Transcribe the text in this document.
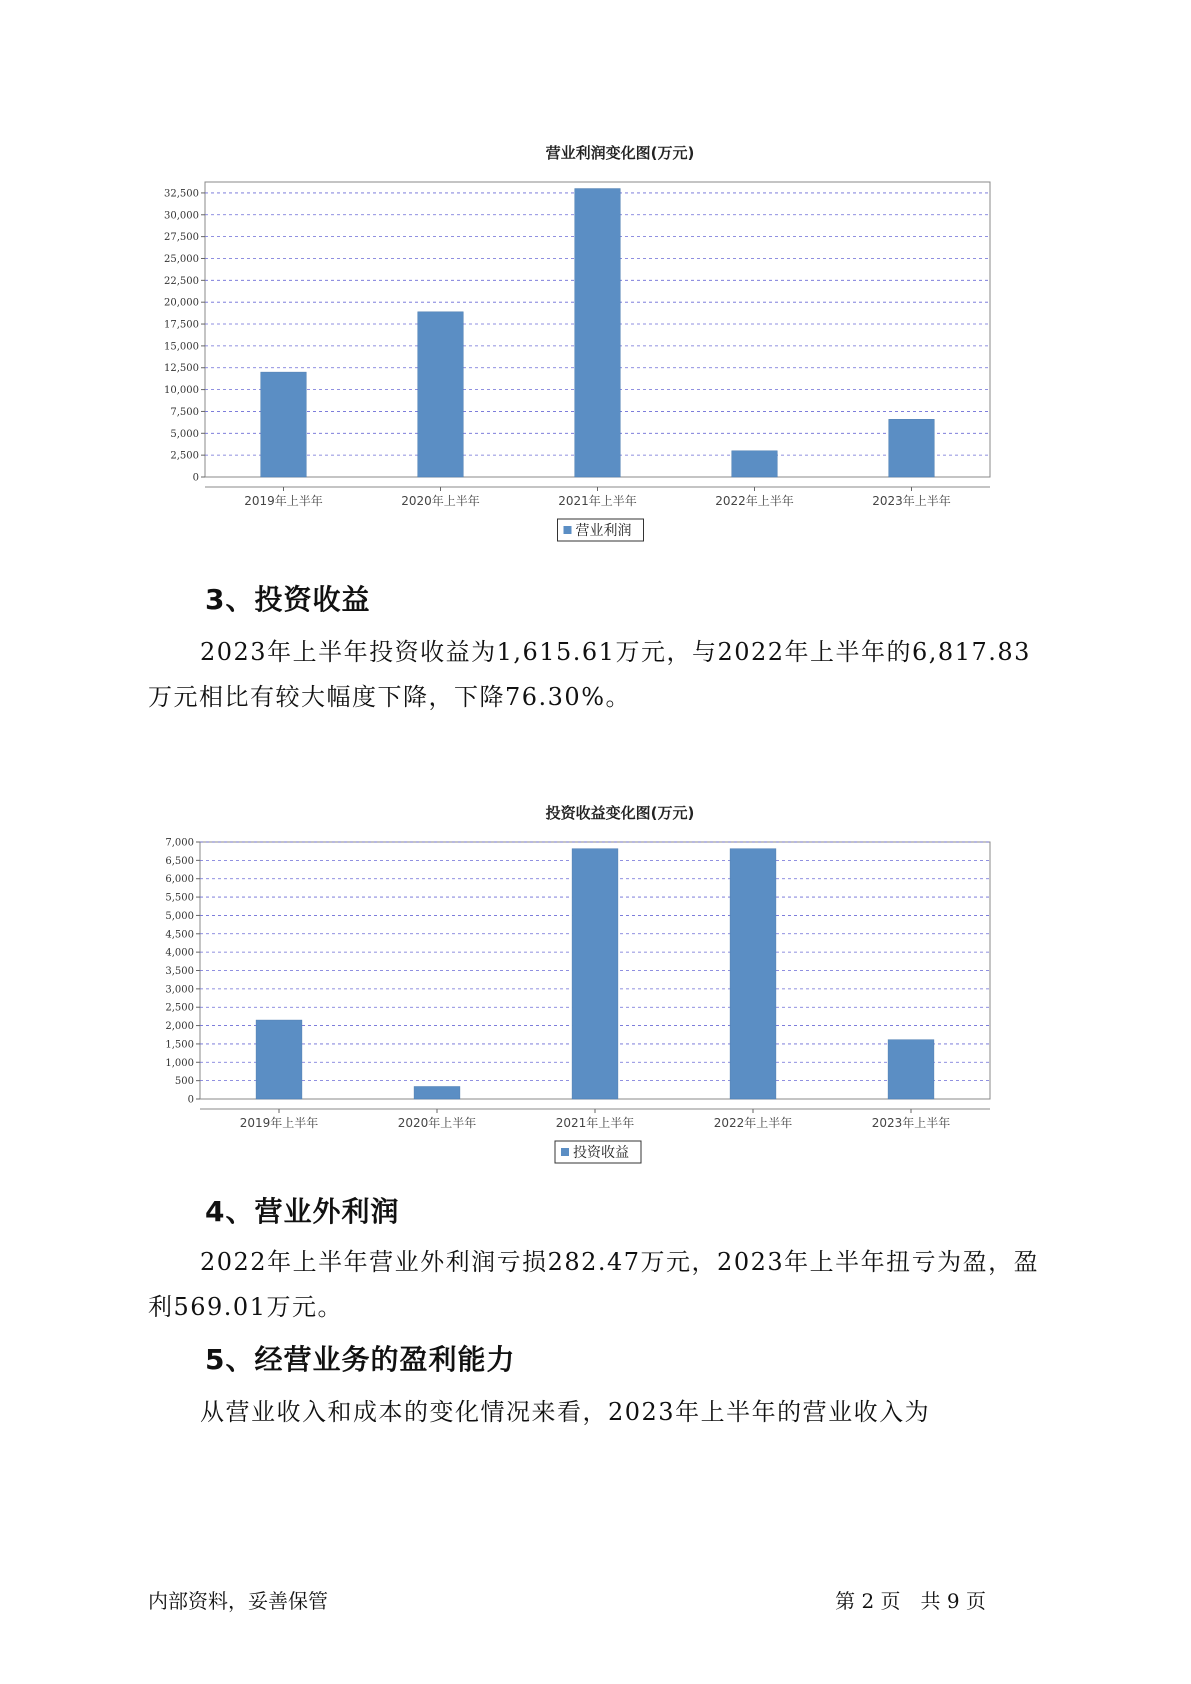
营业利润变化图(万元)
0
2,500
5,000
7,500
10,000
12,500
15,000
17,500
20,000
22,500
25,000
27,500
30,000
32,500
2019年上半年	2020年上半年	2021年上半年	2022年上半年	2023年上半年
营业利润
3、投资收益

2023年上半年投资收益为1,615.61万元，与2022年上半年的6,817.83万元相比有较大幅度下降，下降76.30%。

投资收益变化图(万元)
0
500
1,000
1,500
2,000
2,500
3,000
3,500
4,000
4,500
5,000
5,500
6,000
6,500
7,000
2019年上半年	2020年上半年	2021年上半年	2022年上半年	2023年上半年
投资收益
4、营业外利润

2022年上半年营业外利润亏损282.47万元，2023年上半年扭亏为盈，盈利569.01万元。

5、经营业务的盈利能力

从营业收入和成本的变化情况来看，2023年上半年的营业收入为

内部资料，妥善保管	第 2 页　共 9 页
